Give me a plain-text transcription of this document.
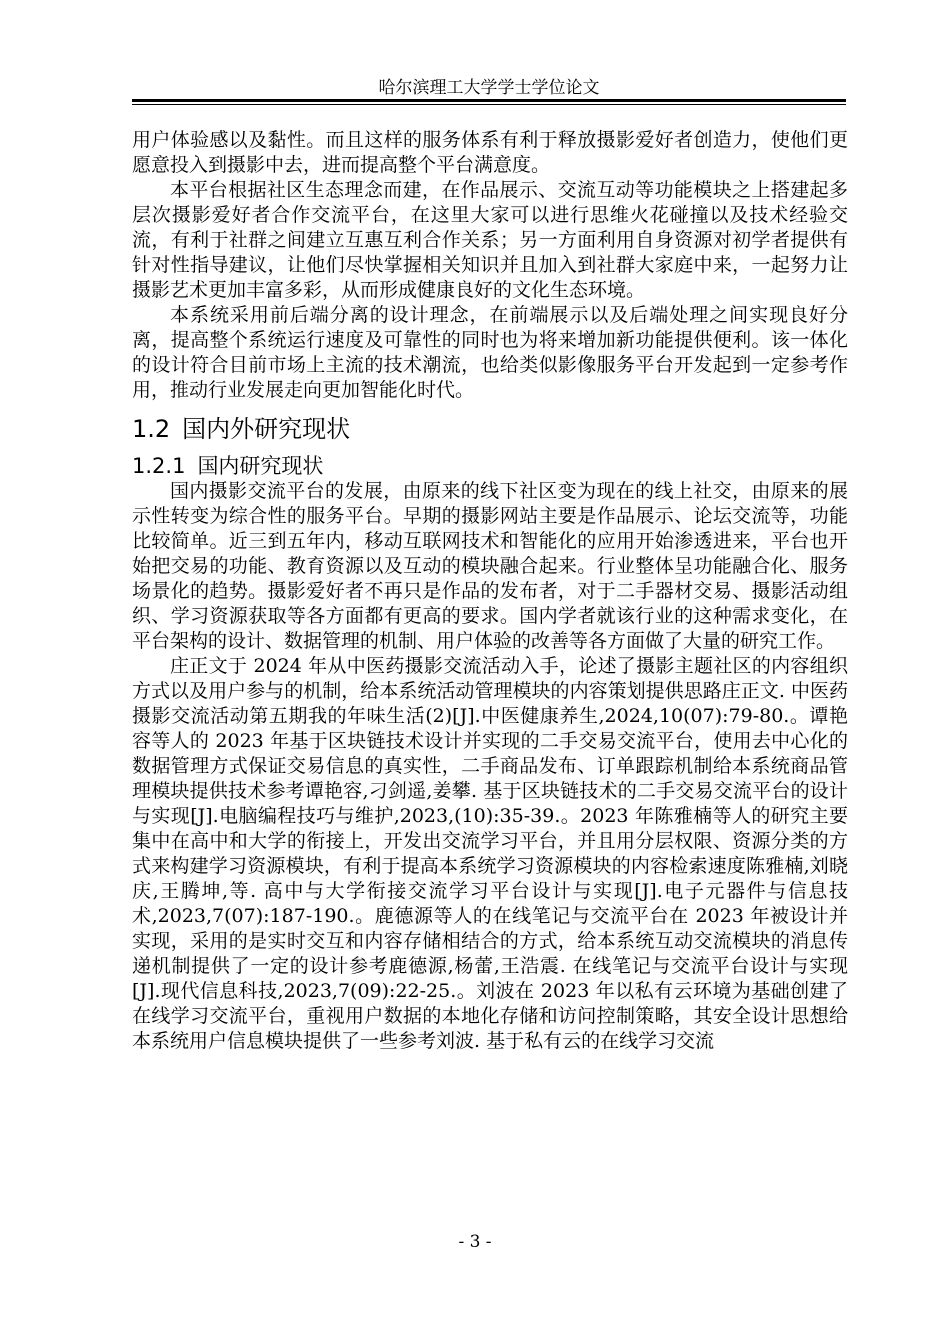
哈尔滨理工大学学士学位论文

用户体验感以及黏性。而且这样的服务体系有利于释放摄影爱好者创造力，使他们更愿意投入到摄影中去，进而提高整个平台满意度。

本平台根据社区生态理念而建，在作品展示、交流互动等功能模块之上搭建起多层次摄影爱好者合作交流平台，在这里大家可以进行思维火花碰撞以及技术经验交流，有利于社群之间建立互惠互利合作关系；另一方面利用自身资源对初学者提供有针对性指导建议，让他们尽快掌握相关知识并且加入到社群大家庭中来，一起努力让摄影艺术更加丰富多彩，从而形成健康良好的文化生态环境。

本系统采用前后端分离的设计理念，在前端展示以及后端处理之间实现良好分离，提高整个系统运行速度及可靠性的同时也为将来增加新功能提供便利。该一体化的设计符合目前市场上主流的技术潮流，也给类似影像服务平台开发起到一定参考作用，推动行业发展走向更加智能化时代。

1.2 国内外研究现状
1.2.1 国内研究现状

国内摄影交流平台的发展，由原来的线下社区变为现在的线上社交，由原来的展示性转变为综合性的服务平台。早期的摄影网站主要是作品展示、论坛交流等，功能比较简单。近三到五年内，移动互联网技术和智能化的应用开始渗透进来，平台也开始把交易的功能、教育资源以及互动的模块融合起来。行业整体呈功能融合化、服务场景化的趋势。摄影爱好者不再只是作品的发布者，对于二手器材交易、摄影活动组织、学习资源获取等各方面都有更高的要求。国内学者就该行业的这种需求变化，在平台架构的设计、数据管理的机制、用户体验的改善等各方面做了大量的研究工作。

庄正文于 2024 年从中医药摄影交流活动入手，论述了摄影主题社区的内容组织方式以及用户参与的机制，给本系统活动管理模块的内容策划提供思路庄正文. 中医药摄影交流活动第五期我的年味生活(2)[J].中医健康养生,2024,10(07):79-80.。谭艳容等人的 2023 年基于区块链技术设计并实现的二手交易交流平台，使用去中心化的数据管理方式保证交易信息的真实性，二手商品发布、订单跟踪机制给本系统商品管理模块提供技术参考谭艳容,刁剑遥,姜攀. 基于区块链技术的二手交易交流平台的设计与实现[J].电脑编程技巧与维护,2023,(10):35-39.。2023 年陈雅楠等人的研究主要集中在高中和大学的衔接上，开发出交流学习平台，并且用分层权限、资源分类的方式来构建学习资源模块，有利于提高本系统学习资源模块的内容检索速度陈雅楠,刘晓庆,王腾坤,等. 高中与大学衔接交流学习平台设计与实现[J].电子元器件与信息技术,2023,7(07):187-190.。鹿德源等人的在线笔记与交流平台在 2023 年被设计并实现，采用的是实时交互和内容存储相结合的方式，给本系统互动交流模块的消息传递机制提供了一定的设计参考鹿德源,杨蕾,王浩震. 在线笔记与交流平台设计与实现[J].现代信息科技,2023,7(09):22-25.。刘波在 2023 年以私有云环境为基础创建了在线学习交流平台，重视用户数据的本地化存储和访问控制策略，其安全设计思想给本系统用户信息模块提供了一些参考刘波. 基于私有云的在线学习交流

- 3 -
